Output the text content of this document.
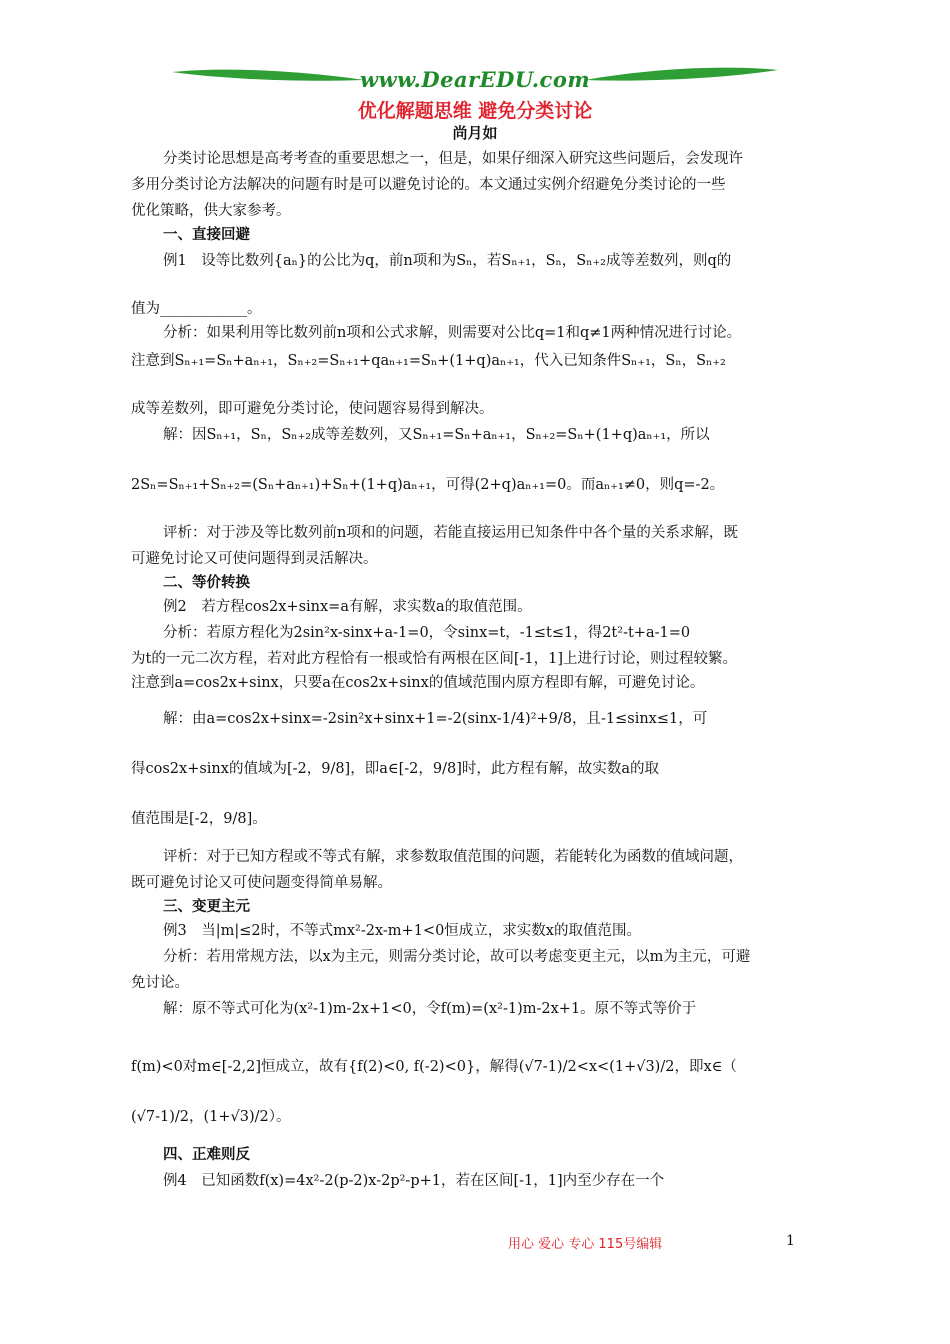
www.DearEDU.com
优化解题思维 避免分类讨论
尚月如
分类讨论思想是高考考查的重要思想之一，但是，如果仔细深入研究这些问题后，会发现许
多用分类讨论方法解决的问题有时是可以避免讨论的。本文通过实例介绍避免分类讨论的一些
优化策略，供大家参考。
一、直接回避
例1　设等比数列{aₙ}的公比为q，前n项和为Sₙ，若Sₙ₊₁，Sₙ，Sₙ₊₂成等差数列，则q的
值为____________。
分析：如果利用等比数列前n项和公式求解，则需要对公比q=1和q≠1两种情况进行讨论。
注意到Sₙ₊₁=Sₙ+aₙ₊₁，Sₙ₊₂=Sₙ₊₁+qaₙ₊₁=Sₙ+(1+q)aₙ₊₁，代入已知条件Sₙ₊₁，Sₙ，Sₙ₊₂
成等差数列，即可避免分类讨论，使问题容易得到解决。
解：因Sₙ₊₁，Sₙ，Sₙ₊₂成等差数列，又Sₙ₊₁=Sₙ+aₙ₊₁，Sₙ₊₂=Sₙ+(1+q)aₙ₊₁，所以
2Sₙ=Sₙ₊₁+Sₙ₊₂=(Sₙ+aₙ₊₁)+Sₙ+(1+q)aₙ₊₁，可得(2+q)aₙ₊₁=0。而aₙ₊₁≠0，则q=-2。
评析：对于涉及等比数列前n项和的问题，若能直接运用已知条件中各个量的关系求解，既
可避免讨论又可使问题得到灵活解决。
二、等价转换
例2　若方程cos2x+sinx=a有解，求实数a的取值范围。
分析：若原方程化为2sin²x-sinx+a-1=0，令sinx=t，-1≤t≤1，得2t²-t+a-1=0
为t的一元二次方程，若对此方程恰有一根或恰有两根在区间[-1，1]上进行讨论，则过程较繁。
注意到a=cos2x+sinx，只要a在cos2x+sinx的值域范围内原方程即有解，可避免讨论。
解：由a=cos2x+sinx=-2sin²x+sinx+1=-2(sinx-1/4)²+9/8，且-1≤sinx≤1，可
得cos2x+sinx的值域为[-2，9/8]，即a∈[-2，9/8]时，此方程有解，故实数a的取
值范围是[-2，9/8]。
评析：对于已知方程或不等式有解，求参数取值范围的问题，若能转化为函数的值域问题，
既可避免讨论又可使问题变得简单易解。
三、变更主元
例3　当|m|≤2时，不等式mx²-2x-m+1<0恒成立，求实数x的取值范围。
分析：若用常规方法，以x为主元，则需分类讨论，故可以考虑变更主元，以m为主元，可避
免讨论。
解：原不等式可化为(x²-1)m-2x+1<0，令f(m)=(x²-1)m-2x+1。原不等式等价于
f(m)<0对m∈[-2,2]恒成立，故有{f(2)<0, f(-2)<0}，解得(√7-1)/2<x<(1+√3)/2，即x∈（
(√7-1)/2，(1+√3)/2）。
四、正难则反
例4　已知函数f(x)=4x²-2(p-2)x-2p²-p+1，若在区间[-1，1]内至少存在一个
用心 爱心 专心 115号编辑	1
